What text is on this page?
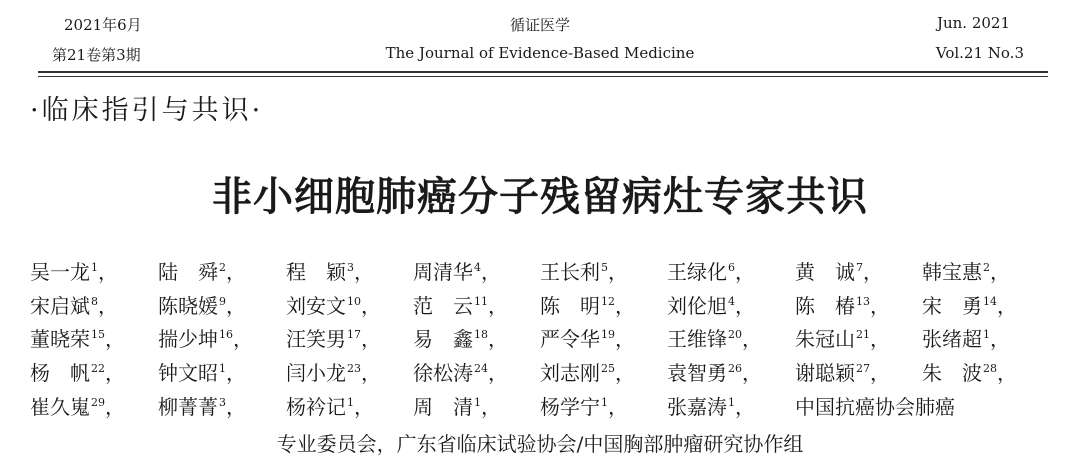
2021年6月
第21卷第3期
循证医学
The Journal of Evidence-Based Medicine
Jun. 2021
Vol.21 No.3
·临床指引与共识·
非小细胞肺癌分子残留病灶专家共识
吴一龙$^1$， 陆　舜$^2$， 程　颖$^3$， 周清华$^4$， 王长利$^5$， 王绿化$^6$， 黄　诚$^7$， 韩宝惠$^2$，
宋启斌$^8$， 陈晓媛$^9$， 刘安文$^{10}$， 范　云$^{11}$， 陈　明$^{12}$， 刘伦旭$^4$， 陈　椿$^{13}$， 宋　勇$^{14}$，
董晓荣$^{15}$， 揣少坤$^{16}$， 汪笑男$^{17}$， 易　鑫$^{18}$， 严令华$^{19}$， 王维锋$^{20}$， 朱冠山$^{21}$， 张绪超$^1$，
杨　帆$^{22}$， 钟文昭$^1$， 闫小龙$^{23}$， 徐松涛$^{24}$， 刘志刚$^{25}$， 袁智勇$^{26}$， 谢聪颖$^{27}$， 朱　波$^{28}$，
崔久嵬$^{29}$， 柳菁菁$^3$， 杨衿记$^1$， 周　清$^1$， 杨学宁$^1$， 张嘉涛$^1$， 中国抗癌协会肺癌
专业委员会，广东省临床试验协会/中国胸部肿瘤研究协作组
